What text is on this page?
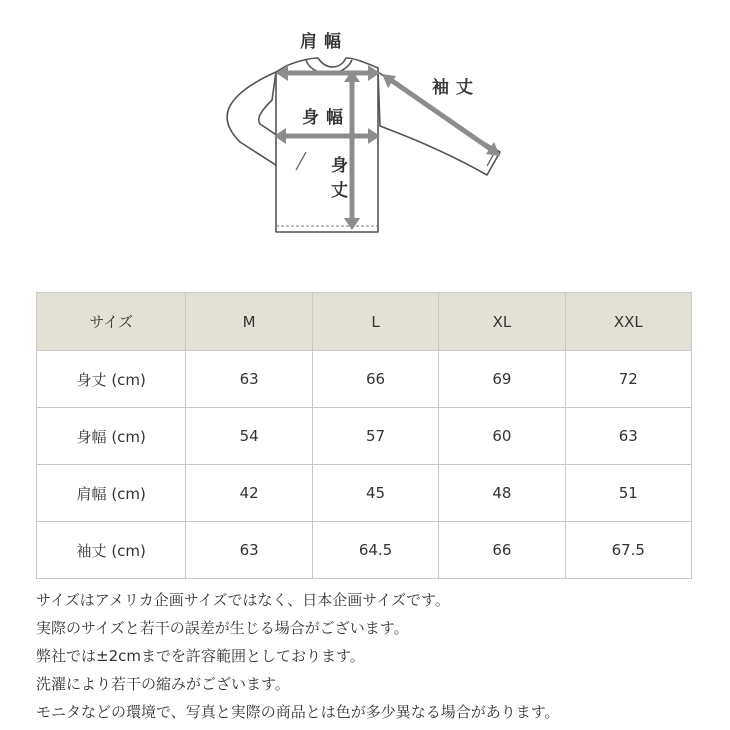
肩幅
袖丈
身幅
身丈
サイズ	M	L	XL	XXL
身丈 (cm)	63	66	69	72
身幅 (cm)	54	57	60	63
肩幅 (cm)	42	45	48	51
袖丈 (cm)	63	64.5	66	67.5
サイズはアメリカ企画サイズではなく、日本企画サイズです。
実際のサイズと若干の誤差が生じる場合がございます。
弊社では±2cmまでを許容範囲としております。
洗濯により若干の縮みがございます。
モニタなどの環境で、写真と実際の商品とは色が多少異なる場合があります。
